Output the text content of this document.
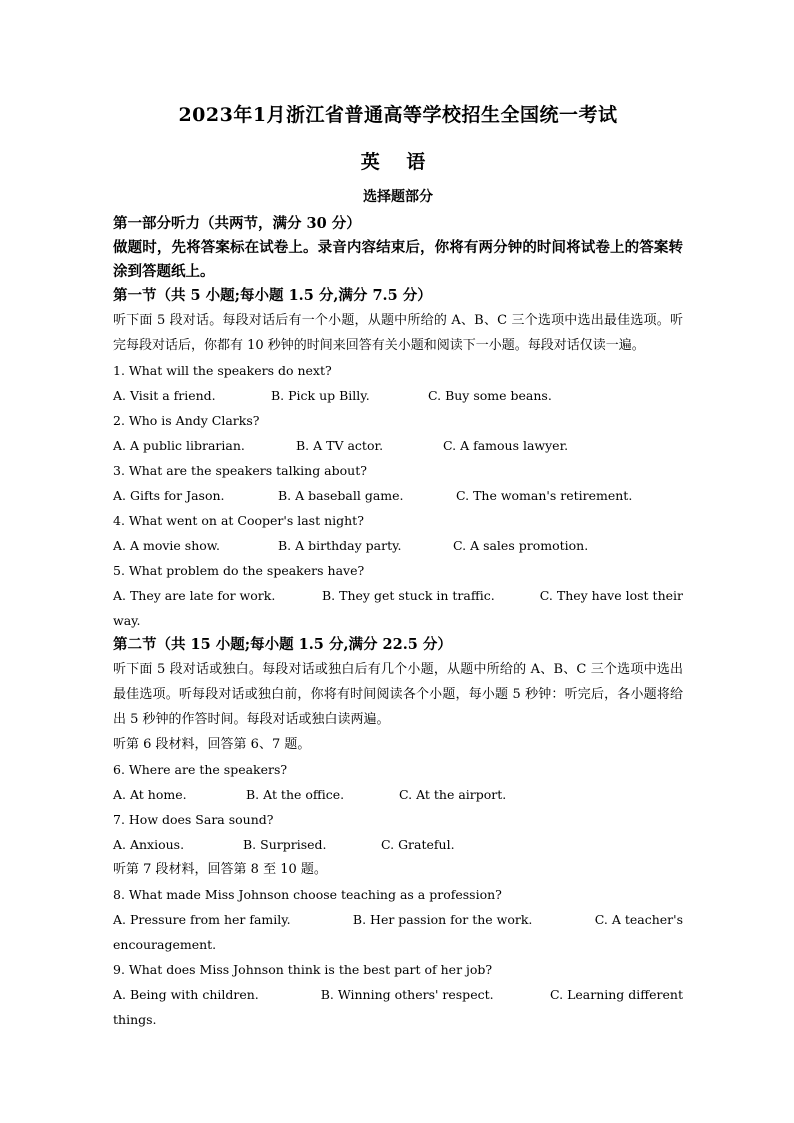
2023年1月浙江省普通高等学校招生全国统一考试
英 语
选择题部分
第一部分听力（共两节，满分 30 分）
做题时，先将答案标在试卷上。录音内容结束后，你将有两分钟的时间将试卷上的答案转涂到答题纸上。
第一节（共 5 小题;每小题 1.5 分,满分 7.5 分）
听下面 5 段对话。每段对话后有一个小题，从题中所给的 A、B、C 三个选项中选出最佳选项。听完每段对话后，你都有 10 秒钟的时间来回答有关小题和阅读下一小题。每段对话仅读一遍。
1. What will the speakers do next?
A. Visit a friend.	B. Pick up Billy.	C. Buy some beans.
2. Who is Andy Clarks?
A. A public librarian.	B. A TV actor.	C. A famous lawyer.
3. What are the speakers talking about?
A. Gifts for Jason.	B. A baseball game.	C. The woman's retirement.
4. What went on at Cooper's last night?
A. A movie show.	B. A birthday party.	C. A sales promotion.
5. What problem do the speakers have?
A. They are late for work.	B. They get stuck in traffic.	C. They have lost their
way.
第二节（共 15 小题;每小题 1.5 分,满分 22.5 分）
听下面 5 段对话或独白。每段对话或独白后有几个小题，从题中所给的 A、B、C 三个选项中选出最佳选项。听每段对话或独白前，你将有时间阅读各个小题，每小题 5 秒钟：听完后，各小题将给出 5 秒钟的作答时间。每段对话或独白读两遍。
听第 6 段材料，回答第 6、7 题。
6. Where are the speakers?
A. At home.	B. At the office.	C. At the airport.
7. How does Sara sound?
A. Anxious.	B. Surprised.	C. Grateful.
听第 7 段材料，回答第 8 至 10 题。
8. What made Miss Johnson choose teaching as a profession?
A. Pressure from her family.	B. Her passion for the work.	C. A teacher's
encouragement.
9. What does Miss Johnson think is the best part of her job?
A. Being with children.	B. Winning others' respect.	C. Learning different
things.
